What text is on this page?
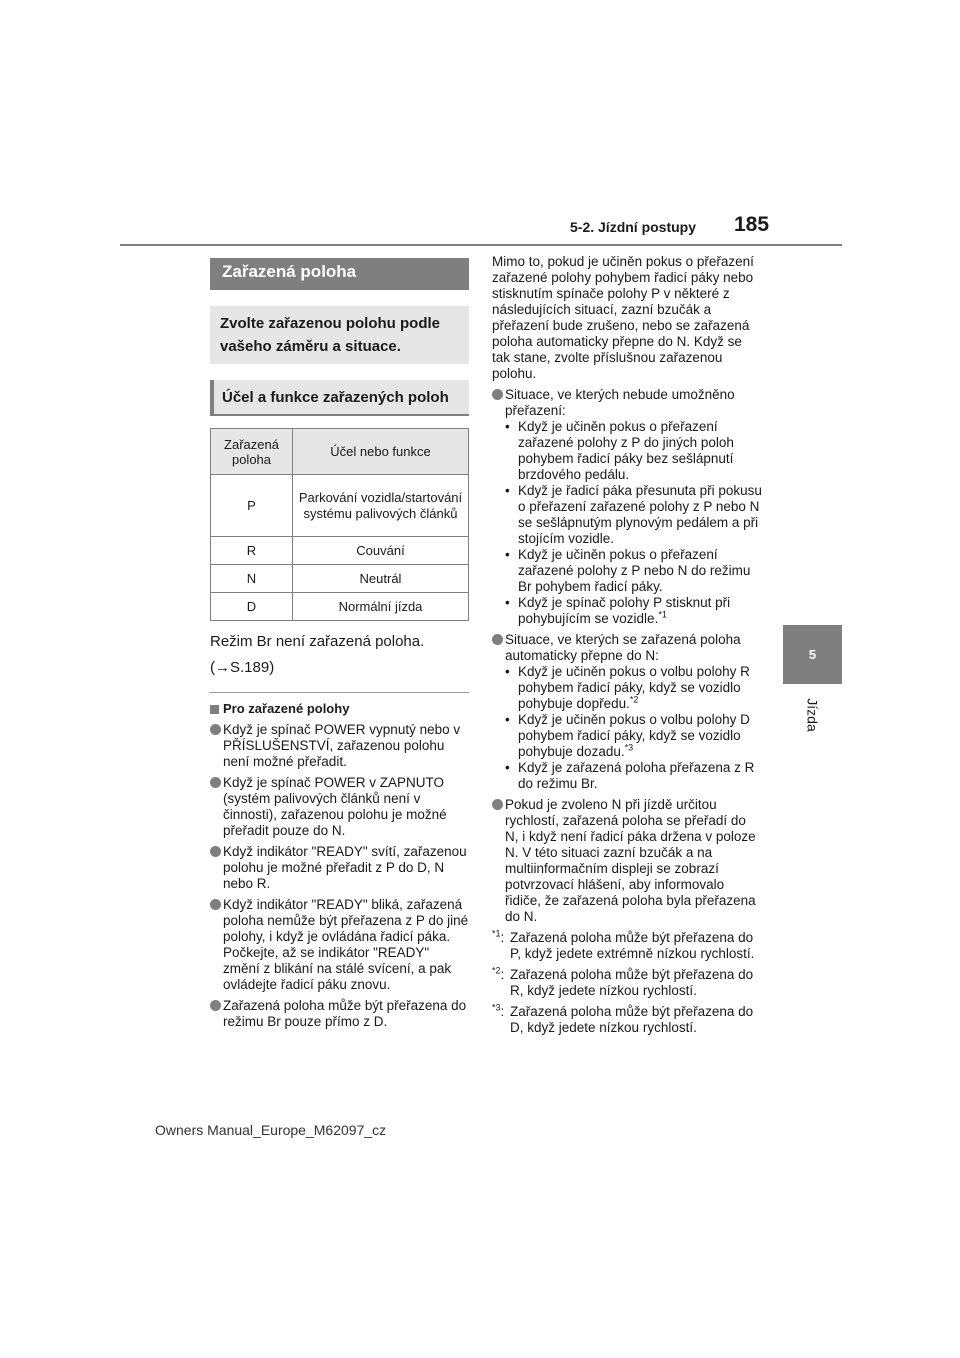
5-2. Jízdní postupy 185
5
Jízda
Zařazená poloha
Zvolte zařazenou polohu podle vašeho záměru a situace.
Účel a funkce zařazených poloh
Zařazená poloha	Účel nebo funkce
P	Parkování vozidla/startování systému palivových článků
R	Couvání
N	Neutrál
D	Normální jízda
Režim Br není zařazená poloha.
(→S.189)
Pro zařazené polohy
Když je spínač POWER vypnutý nebo v PŘÍSLUŠENSTVÍ, zařazenou polohu není možné přeřadit.
Když je spínač POWER v ZAPNUTO (systém palivových článků není v činnosti), zařazenou polohu je možné přeřadit pouze do N.
Když indikátor "READY" svítí, zařazenou polohu je možné přeřadit z P do D, N nebo R.
Když indikátor "READY" bliká, zařazená poloha nemůže být přeřazena z P do jiné polohy, i když je ovládána řadicí páka. Počkejte, až se indikátor "READY" změní z blikání na stálé svícení, a pak ovládejte řadicí páku znovu.
Zařazená poloha může být přeřazena do režimu Br pouze přímo z D.
Mimo to, pokud je učiněn pokus o přeřazení zařazené polohy pohybem řadicí páky nebo stisknutím spínače polohy P v některé z následujících situací, zazní bzučák a přeřazení bude zrušeno, nebo se zařazená poloha automaticky přepne do N. Když se tak stane, zvolte příslušnou zařazenou polohu.
Situace, ve kterých nebude umožněno přeřazení:
• Když je učiněn pokus o přeřazení zařazené polohy z P do jiných poloh pohybem řadicí páky bez sešlápnutí brzdového pedálu.
• Když je řadicí páka přesunuta při pokusu o přeřazení zařazené polohy z P nebo N se sešlápnutým plynovým pedálem a při stojícím vozidle.
• Když je učiněn pokus o přeřazení zařazené polohy z P nebo N do režimu Br pohybem řadicí páky.
• Když je spínač polohy P stisknut při pohybujícím se vozidle.$^{*1}$
Situace, ve kterých se zařazená poloha automaticky přepne do N:
• Když je učiněn pokus o volbu polohy R pohybem řadicí páky, když se vozidlo pohybuje dopředu.$^{*2}$
• Když je učiněn pokus o volbu polohy D pohybem řadicí páky, když se vozidlo pohybuje dozadu.$^{*3}$
• Když je zařazená poloha přeřazena z R do režimu Br.
Pokud je zvoleno N při jízdě určitou rychlostí, zařazená poloha se přeřadí do N, i když není řadicí páka držena v poloze N. V této situaci zazní bzučák a na multiinformačním displeji se zobrazí potvrzovací hlášení, aby informovalo řidiče, že zařazená poloha byla přeřazena do N.
$^{*1}$: Zařazená poloha může být přeřazena do P, když jedete extrémně nízkou rychlostí.
$^{*2}$: Zařazená poloha může být přeřazena do R, když jedete nízkou rychlostí.
$^{*3}$: Zařazená poloha může být přeřazena do D, když jedete nízkou rychlostí.
Owners Manual_Europe_M62097_cz
